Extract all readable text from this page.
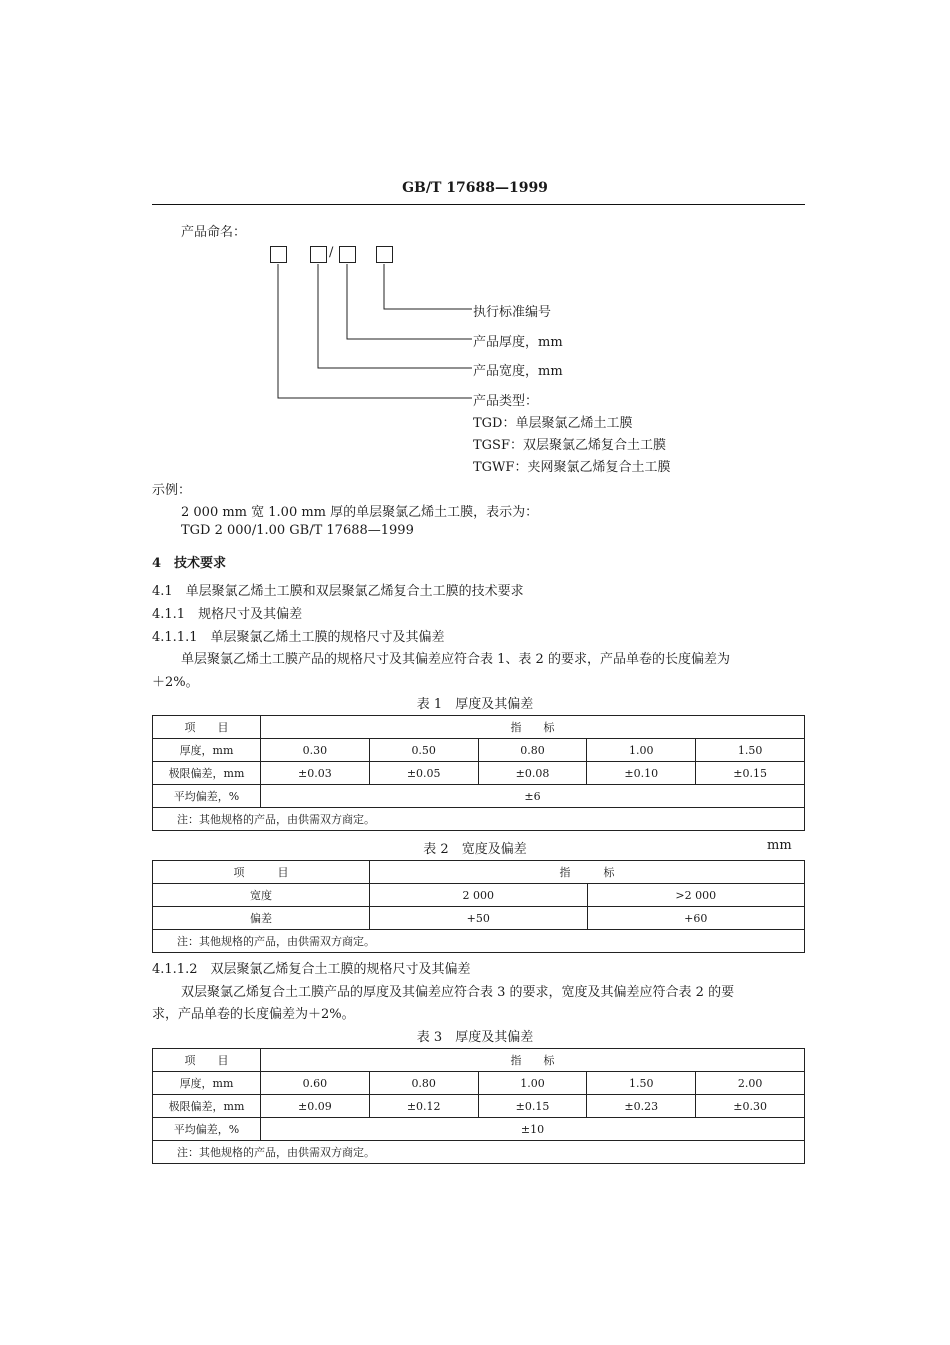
GB/T 17688—1999
产品命名：
/
执行标准编号
产品厚度，mm
产品宽度，mm
产品类型：
TGD：单层聚氯乙烯土工膜
TGSF：双层聚氯乙烯复合土工膜
TGWF：夹网聚氯乙烯复合土工膜
示例：
2 000 mm 宽 1.00 mm 厚的单层聚氯乙烯土工膜，表示为：
TGD 2 000/1.00 GB/T 17688—1999
4　技术要求
4.1　单层聚氯乙烯土工膜和双层聚氯乙烯复合土工膜的技术要求
4.1.1　规格尺寸及其偏差
4.1.1.1　单层聚氯乙烯土工膜的规格尺寸及其偏差
单层聚氯乙烯土工膜产品的规格尺寸及其偏差应符合表 1、表 2 的要求，产品单卷的长度偏差为
＋2%。
表 1　厚度及其偏差
项　　目	指　　标				
厚度，mm	0.30	0.50	0.80	1.00	1.50
极限偏差，mm	±0.03	±0.05	±0.08	±0.10	±0.15
平均偏差，%	±6				
注：其他规格的产品，由供需双方商定。					
表 2　宽度及偏差	mm
项　　　目	指　　　标	
宽度	2 000	>2 000
偏差	+50	+60
注：其他规格的产品，由供需双方商定。		
4.1.1.2　双层聚氯乙烯复合土工膜的规格尺寸及其偏差
双层聚氯乙烯复合土工膜产品的厚度及其偏差应符合表 3 的要求，宽度及其偏差应符合表 2 的要
求，产品单卷的长度偏差为＋2%。
表 3　厚度及其偏差
项　　目	指　　标				
厚度，mm	0.60	0.80	1.00	1.50	2.00
极限偏差，mm	±0.09	±0.12	±0.15	±0.23	±0.30
平均偏差，%	±10				
注：其他规格的产品，由供需双方商定。					
